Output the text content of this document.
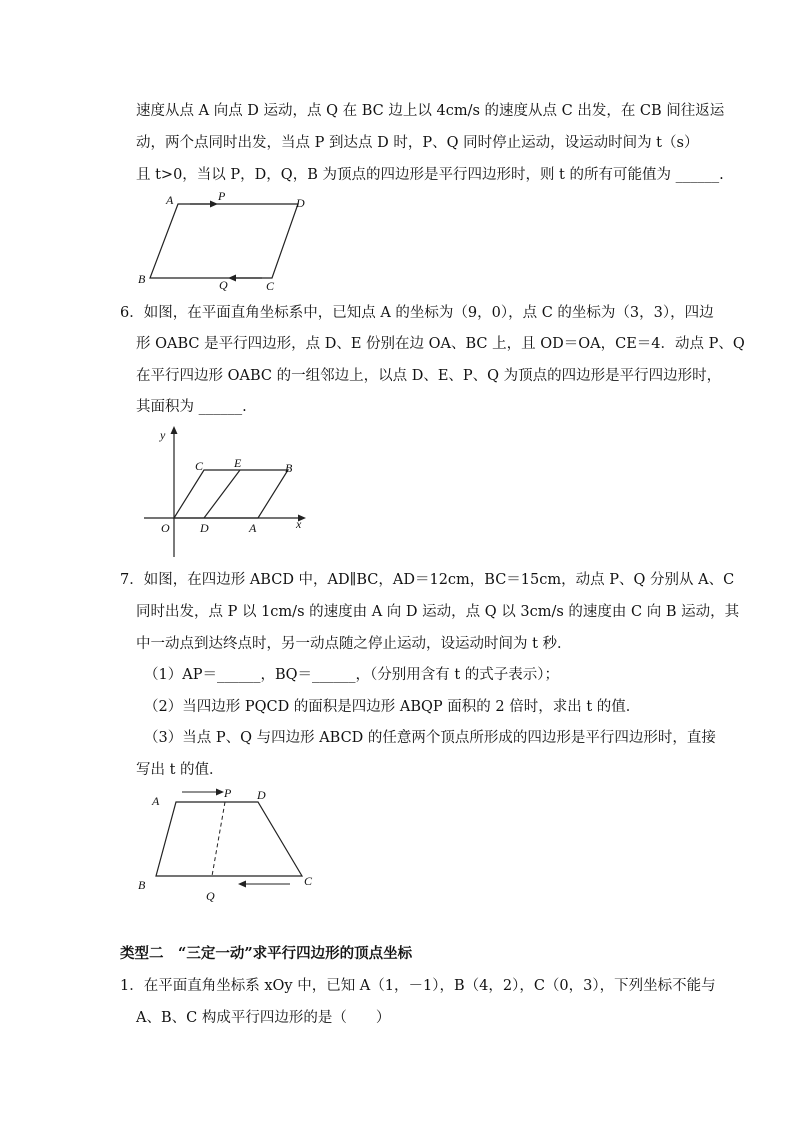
速度从点 A 向点 D 运动，点 Q 在 BC 边上以 4cm/s 的速度从点 C 出发，在 CB 间往返运
动，两个点同时出发，当点 P 到达点 D 时，P、Q 同时停止运动，设运动时间为 t（s）
且 t>0，当以 P，D，Q，B 为顶点的四边形是平行四边形时，则 t 的所有可能值为 ______.
A	P	D
B	Q	C
6．如图，在平面直角坐标系中，已知点 A 的坐标为（9，0），点 C 的坐标为（3，3），四边
形 OABC 是平行四边形，点 D、E 份别在边 OA、BC 上，且 OD＝OA，CE＝4．动点 P、Q
在平行四边形 OABC 的一组邻边上，以点 D、E、P、Q 为顶点的四边形是平行四边形时，
其面积为 ______.
y
x
O
C	E	B
D	A
7．如图，在四边形 ABCD 中，AD∥BC，AD＝12cm，BC＝15cm，动点 P、Q 分别从 A、C
同时出发，点 P 以 1cm/s 的速度由 A 向 D 运动，点 Q 以 3cm/s 的速度由 C 向 B 运动，其
中一动点到达终点时，另一动点随之停止运动，设运动时间为 t 秒．
（1）AP＝______，BQ＝______，（分别用含有 t 的式子表示）；
（2）当四边形 PQCD 的面积是四边形 ABQP 面积的 2 倍时，求出 t 的值．
（3）当点 P、Q 与四边形 ABCD 的任意两个顶点所形成的四边形是平行四边形时，直接
写出 t 的值．
A
P D
B
Q
C
类型二　“三定一动”求平行四边形的顶点坐标
1．在平面直角坐标系 xOy 中，已知 A（1，－1），B（4，2），C（0，3），下列坐标不能与
A、B、C 构成平行四边形的是（　　）
